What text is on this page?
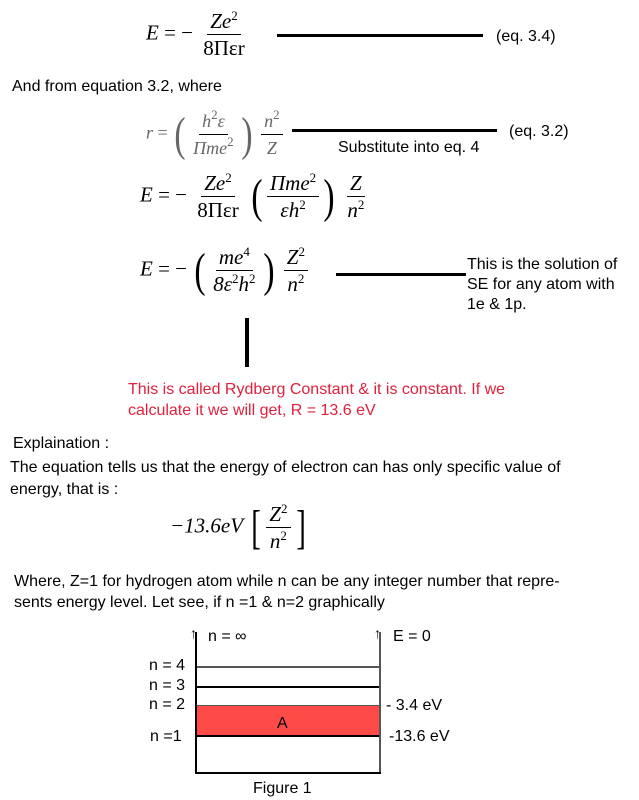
E = − $\frac{Ze^2}{\text{8Πεr}}$	(eq. 3.4)
And from equation 3.2, where
r = ( $\frac{h^2\varepsilon}{\Pi me^2}$ ) $\frac{n^2}{Z}$	(eq. 3.2)
Substitute into eq. 4
E = − $\frac{Ze^2}{\text{8Πεr}}$ ( $\frac{\Pi me^2}{\varepsilon h^2}$ ) $\frac{Z}{n^2}$
E = − ( $\frac{me^4}{8\varepsilon^2h^2}$ ) $\frac{Z^2}{n^2}$	This is the solution of
SE for any atom with
1e & 1p.
This is called Rydberg Constant & it is constant. If we
calculate it we will get, R = 13.6 eV
Explaination :
The equation tells us that the energy of electron can has only specific value of
energy, that is :
−13.6eV [ $\frac{Z^2}{n^2}$ ]
Where, Z=1 for hydrogen atom while n can be any integer number that repre-
sents energy level. Let see, if n =1 & n=2 graphically
↑	↑
A
n = ∞	E = 0
n = 4
n = 3
n = 2
n =1
- 3.4 eV
-13.6 eV
Figure 1
